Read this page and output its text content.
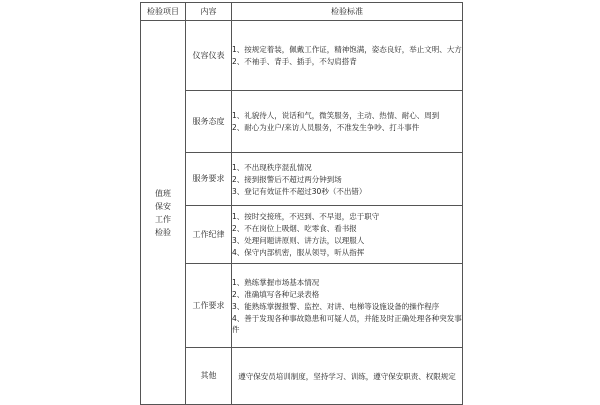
检验项目	内容	检验标准

值班
保安
工作
检验	仪容仪表	1、按规定着装，佩戴工作证，精神饱满，姿态良好，举止文明、大方
2、不袖手、背手、插手，不勾肩搭背

	服务态度	1、礼貌待人，说话和气，微笑服务，主动、热情、耐心、周到
2、耐心为业户/来访人员服务，不准发生争吵、打斗事件

	服务要求	1、不出现秩序混乱情况
2、接到报警后不超过两分钟到场
3、登记有效证件不超过30秒（不出错）

	工作纪律	1、按时交接班，不迟到、不早退，忠于职守
2、不在岗位上吸烟、吃零食、看书报
3、处理问题讲原则、讲方法，以理服人
4、保守内部机密，服从领导，听从指挥

	工作要求	1、熟练掌握市场基本情况
2、准确填写各种记录表格
3、能熟练掌握报警、监控、对讲、电梯等设施设备的操作程序
4、善于发现各种事故隐患和可疑人员，并能及时正确处理各种突发事件

	其他	遵守保安员培训制度，坚持学习、训练，遵守保安职责、权限规定
